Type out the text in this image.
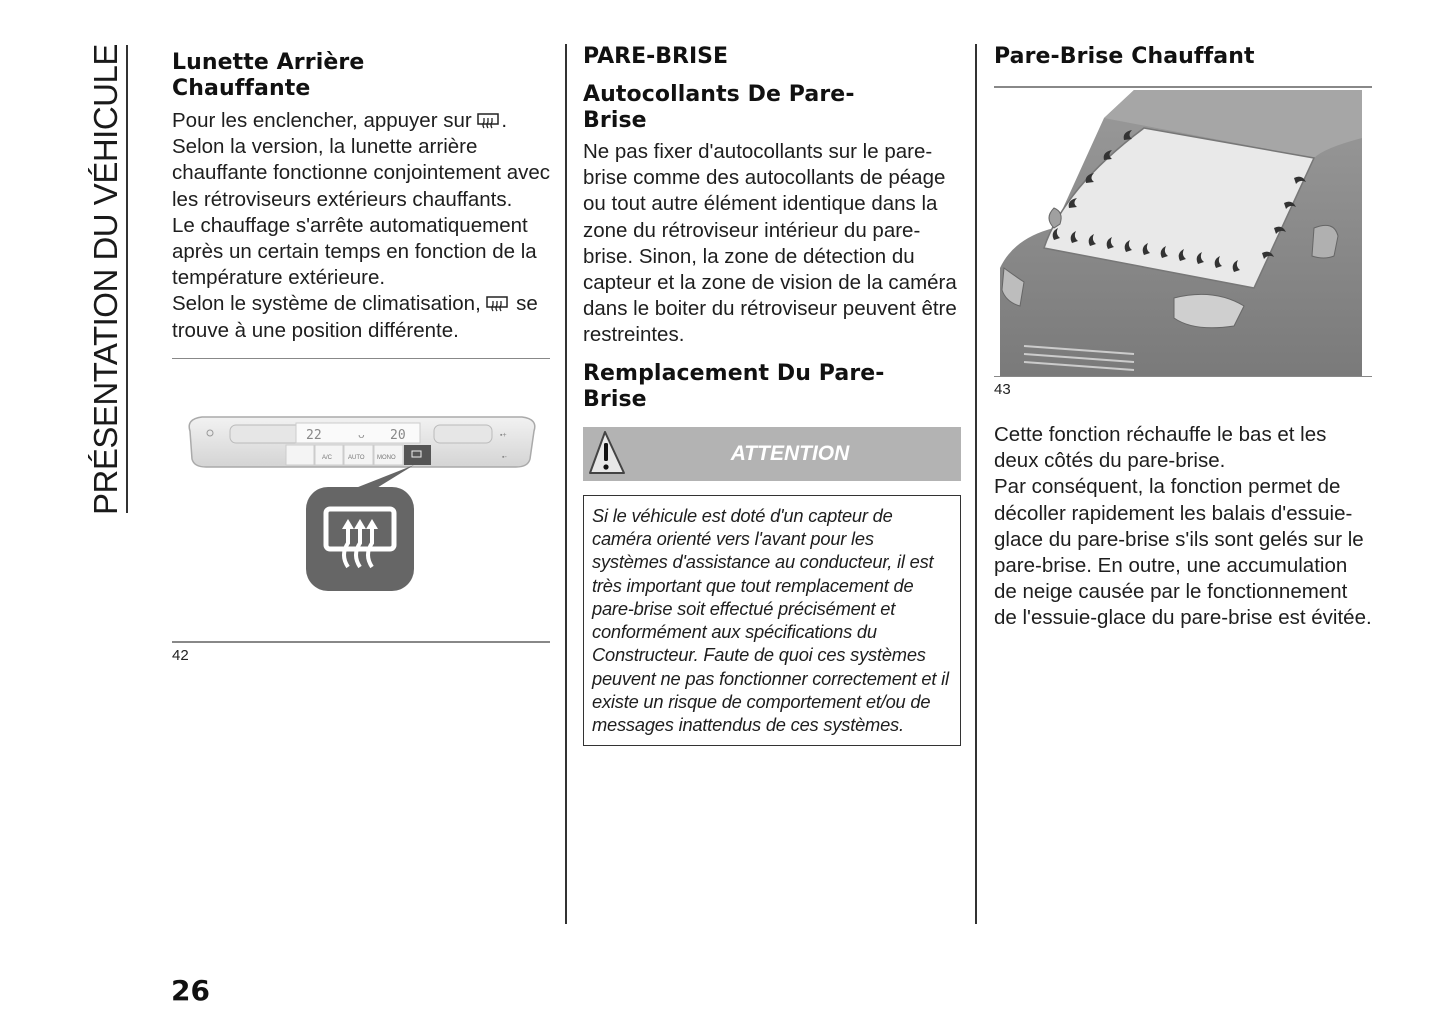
PRÉSENTATION DU VÉHICULE Lunette Arrière
Chauffante

Pour les enclencher, appuyer sur .

Selon la version, la lunette arrière chauffante fonctionne conjointement avec les rétroviseurs extérieurs chauffants.

Le chauffage s'arrête automatiquement après un certain temps en fonction de la température extérieure.

Selon le système de climatisation,  se trouve à une position différente.

22	20
ᴗ
A/C	AUTO MONO
▪+
▪-
42
PARE-BRISE
Autocollants De Pare-
Brise

Ne pas fixer d'autocollants sur le pare-brise comme des autocollants de péage ou tout autre élément identique dans la zone du rétroviseur intérieur du pare-brise. Sinon, la zone de détection du capteur et la zone de vision de la caméra dans le boiter du rétroviseur peuvent être restreintes.

Remplacement Du Pare-
Brise
ATTENTION

Si le véhicule est doté d'un capteur de caméra orienté vers l'avant pour les systèmes d'assistance au conducteur, il est très important que tout remplacement de pare-brise soit effectué précisément et conformément aux spécifications du Constructeur. Faute de quoi ces systèmes peuvent ne pas fonctionner correctement et il existe un risque de comportement et/ou de messages inattendus de ces systèmes.

Pare-Brise Chauffant
43

Cette fonction réchauffe le bas et les deux côtés du pare-brise.

Par conséquent, la fonction permet de décoller rapidement les balais d'essuie-glace du pare-brise s'ils sont gelés sur le pare-brise. En outre, une accumulation de neige causée par le fonctionnement de l'essuie-glace du pare-brise est évitée.

26
